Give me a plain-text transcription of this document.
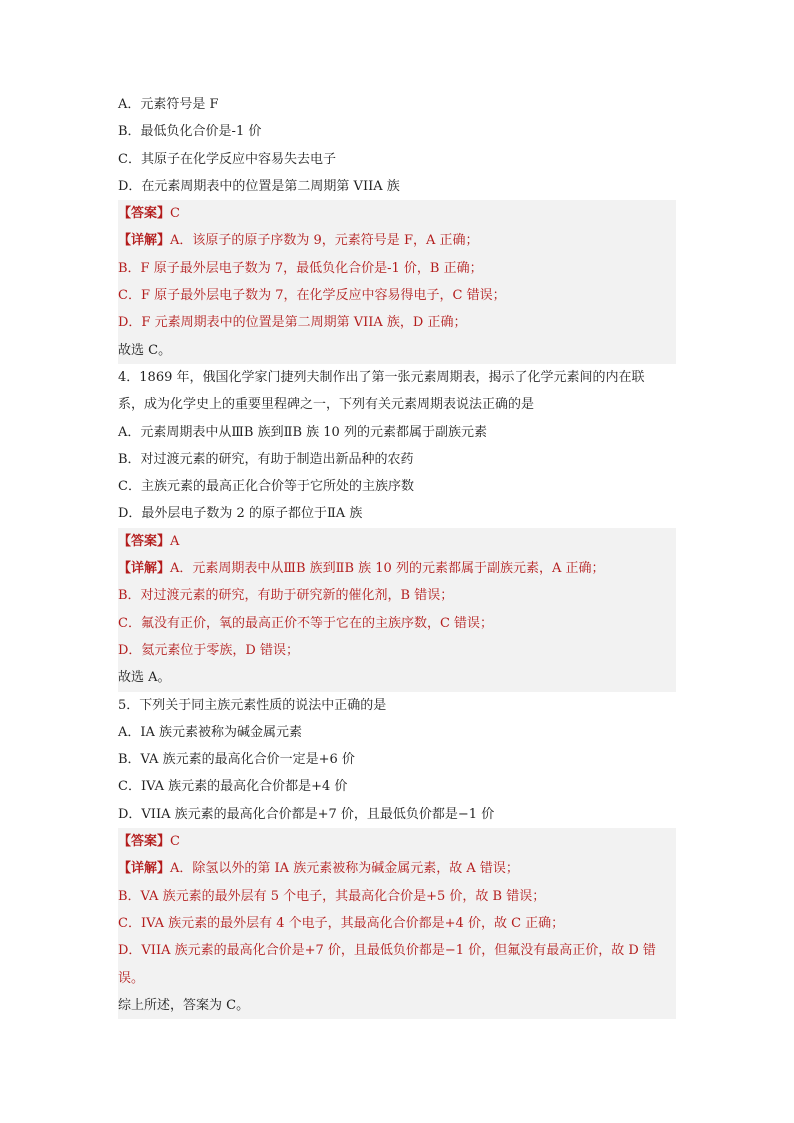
A．元素符号是 F
B．最低负化合价是-1 价
C．其原子在化学反应中容易失去电子
D．在元素周期表中的位置是第二周期第 VIIA 族
【答案】C
【详解】A．该原子的原子序数为 9，元素符号是 F，A 正确；
B．F 原子最外层电子数为 7，最低负化合价是-1 价，B 正确；
C．F 原子最外层电子数为 7，在化学反应中容易得电子，C 错误；
D．F 元素周期表中的位置是第二周期第 VIIA 族，D 正确；
故选 C。
4．1869 年，俄国化学家门捷列夫制作出了第一张元素周期表，揭示了化学元素间的内在联
系，成为化学史上的重要里程碑之一，下列有关元素周期表说法正确的是
A．元素周期表中从ⅢB 族到ⅡB 族 10 列的元素都属于副族元素
B．对过渡元素的研究，有助于制造出新品种的农药
C．主族元素的最高正化合价等于它所处的主族序数
D．最外层电子数为 2 的原子都位于ⅡA 族
【答案】A
【详解】A．元素周期表中从ⅢB 族到ⅡB 族 10 列的元素都属于副族元素，A 正确；
B．对过渡元素的研究，有助于研究新的催化剂，B 错误；
C．氟没有正价，氧的最高正价不等于它在的主族序数，C 错误；
D．氦元素位于零族，D 错误；
故选 A。
5．下列关于同主族元素性质的说法中正确的是
A．IA 族元素被称为碱金属元素
B．VA 族元素的最高化合价一定是+6 价
C．IVA 族元素的最高化合价都是+4 价
D．VIIA 族元素的最高化合价都是+7 价，且最低负价都是−1 价
【答案】C
【详解】A．除氢以外的第 IA 族元素被称为碱金属元素，故 A 错误；
B．VA 族元素的最外层有 5 个电子，其最高化合价是+5 价，故 B 错误；
C．IVA 族元素的最外层有 4 个电子，其最高化合价都是+4 价，故 C 正确；
D．VIIA 族元素的最高化合价是+7 价，且最低负价都是−1 价，但氟没有最高正价，故 D 错
误。
综上所述，答案为 C。
